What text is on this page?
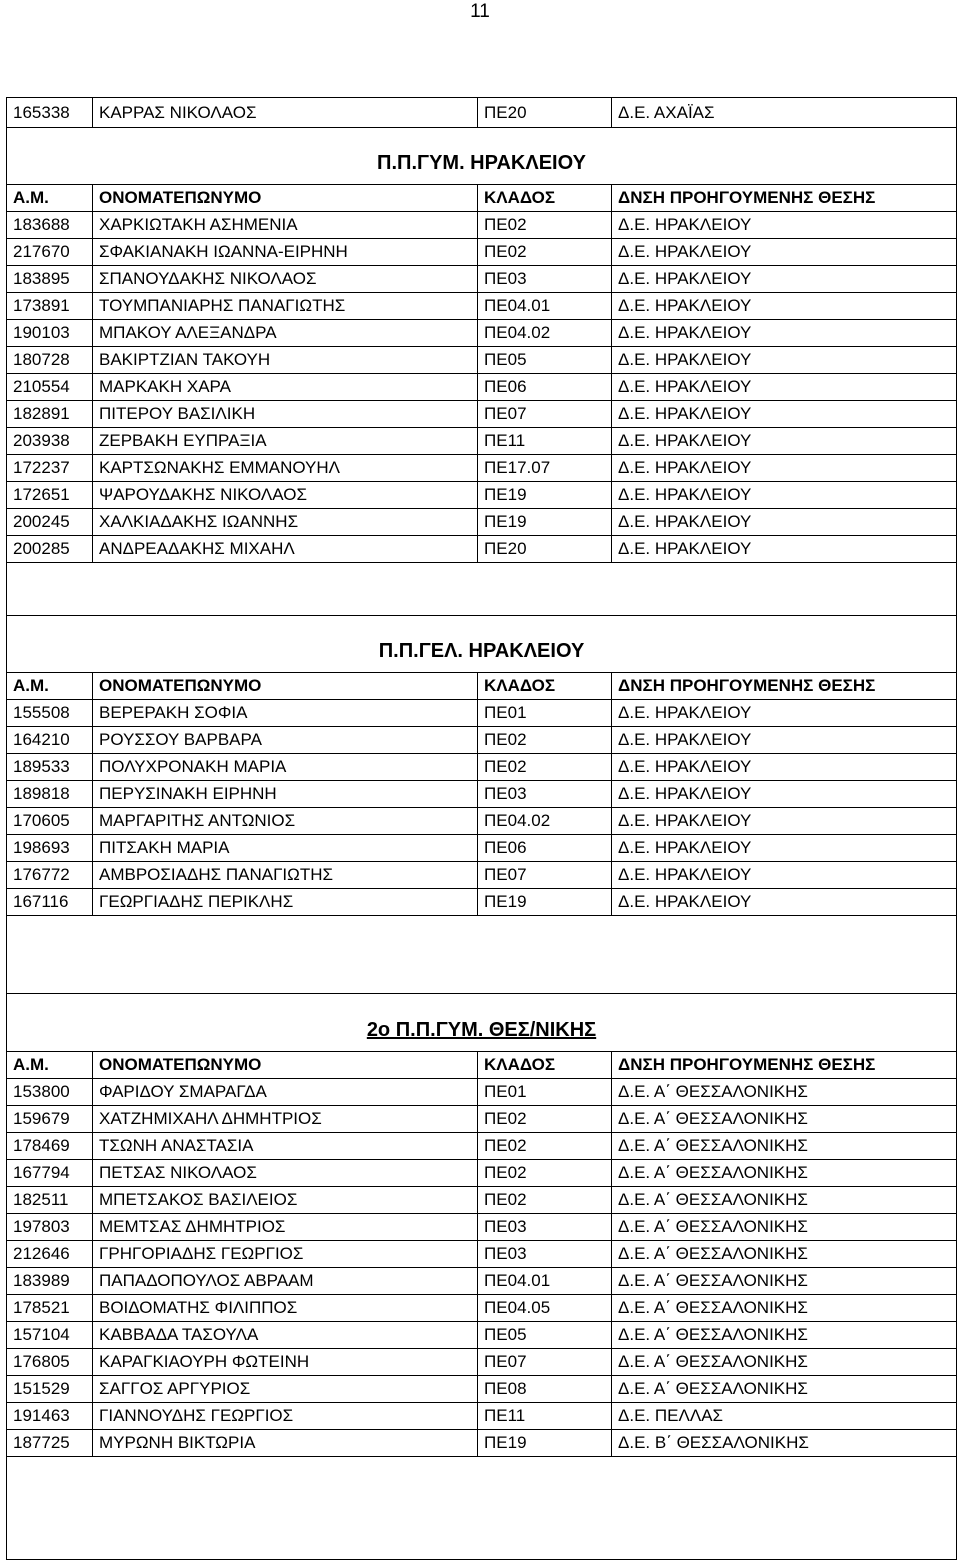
11
165338	ΚΑΡΡΑΣ ΝΙΚΟΛΑΟΣ	ΠΕ20	Δ.Ε. ΑΧΑΪΑΣ
Π.Π.ΓΥΜ. ΗΡΑΚΛΕΙΟΥ			
Α.Μ.	ΟΝΟΜΑΤΕΠΩΝΥΜΟ	ΚΛΑΔΟΣ	ΔΝΣΗ ΠΡΟΗΓΟΥΜΕΝΗΣ ΘΕΣΗΣ
183688	ΧΑΡΚΙΩΤΑΚΗ ΑΣΗΜΕΝΙΑ	ΠΕ02	Δ.Ε. ΗΡΑΚΛΕΙΟΥ
217670	ΣΦΑΚΙΑΝΑΚΗ ΙΩΑΝΝΑ-ΕΙΡΗΝΗ	ΠΕ02	Δ.Ε. ΗΡΑΚΛΕΙΟΥ
183895	ΣΠΑΝΟΥΔΑΚΗΣ ΝΙΚΟΛΑΟΣ	ΠΕ03	Δ.Ε. ΗΡΑΚΛΕΙΟΥ
173891	ΤΟΥΜΠΑΝΙΑΡΗΣ ΠΑΝΑΓΙΩΤΗΣ	ΠΕ04.01	Δ.Ε. ΗΡΑΚΛΕΙΟΥ
190103	ΜΠΑΚΟΥ ΑΛΕΞΑΝΔΡΑ	ΠΕ04.02	Δ.Ε. ΗΡΑΚΛΕΙΟΥ
180728	ΒΑΚΙΡΤΖΙΑΝ ΤΑΚΟΥΗ	ΠΕ05	Δ.Ε. ΗΡΑΚΛΕΙΟΥ
210554	ΜΑΡΚΑΚΗ ΧΑΡΑ	ΠΕ06	Δ.Ε. ΗΡΑΚΛΕΙΟΥ
182891	ΠΙΤΕΡΟΥ ΒΑΣΙΛΙΚΗ	ΠΕ07	Δ.Ε. ΗΡΑΚΛΕΙΟΥ
203938	ΖΕΡΒΑΚΗ ΕΥΠΡΑΞΙΑ	ΠΕ11	Δ.Ε. ΗΡΑΚΛΕΙΟΥ
172237	ΚΑΡΤΣΩΝΑΚΗΣ ΕΜΜΑΝΟΥΗΛ	ΠΕ17.07	Δ.Ε. ΗΡΑΚΛΕΙΟΥ
172651	ΨΑΡΟΥΔΑΚΗΣ ΝΙΚΟΛΑΟΣ	ΠΕ19	Δ.Ε. ΗΡΑΚΛΕΙΟΥ
200245	ΧΑΛΚΙΑΔΑΚΗΣ ΙΩΑΝΝΗΣ	ΠΕ19	Δ.Ε. ΗΡΑΚΛΕΙΟΥ
200285	ΑΝΔΡΕΑΔΑΚΗΣ ΜΙΧΑΗΛ	ΠΕ20	Δ.Ε. ΗΡΑΚΛΕΙΟΥ

Π.Π.ΓΕΛ. ΗΡΑΚΛΕΙΟΥ			
Α.Μ.	ΟΝΟΜΑΤΕΠΩΝΥΜΟ	ΚΛΑΔΟΣ	ΔΝΣΗ ΠΡΟΗΓΟΥΜΕΝΗΣ ΘΕΣΗΣ
155508	ΒΕΡΕΡΑΚΗ ΣΟΦΙΑ	ΠΕ01	Δ.Ε. ΗΡΑΚΛΕΙΟΥ
164210	ΡΟΥΣΣΟΥ ΒΑΡΒΑΡΑ	ΠΕ02	Δ.Ε. ΗΡΑΚΛΕΙΟΥ
189533	ΠΟΛΥΧΡΟΝΑΚΗ ΜΑΡΙΑ	ΠΕ02	Δ.Ε. ΗΡΑΚΛΕΙΟΥ
189818	ΠΕΡΥΣΙΝΑΚΗ ΕΙΡΗΝΗ	ΠΕ03	Δ.Ε. ΗΡΑΚΛΕΙΟΥ
170605	ΜΑΡΓΑΡΙΤΗΣ ΑΝΤΩΝΙΟΣ	ΠΕ04.02	Δ.Ε. ΗΡΑΚΛΕΙΟΥ
198693	ΠΙΤΣΑΚΗ ΜΑΡΙΑ	ΠΕ06	Δ.Ε. ΗΡΑΚΛΕΙΟΥ
176772	ΑΜΒΡΟΣΙΑΔΗΣ ΠΑΝΑΓΙΩΤΗΣ	ΠΕ07	Δ.Ε. ΗΡΑΚΛΕΙΟΥ
167116	ΓΕΩΡΓΙΑΔΗΣ ΠΕΡΙΚΛΗΣ	ΠΕ19	Δ.Ε. ΗΡΑΚΛΕΙΟΥ

2ο Π.Π.ΓΥΜ. ΘΕΣ/ΝΙΚΗΣ			
Α.Μ.	ΟΝΟΜΑΤΕΠΩΝΥΜΟ	ΚΛΑΔΟΣ	ΔΝΣΗ ΠΡΟΗΓΟΥΜΕΝΗΣ ΘΕΣΗΣ
153800	ΦΑΡΙΔΟΥ ΣΜΑΡΑΓΔΑ	ΠΕ01	Δ.Ε. Α΄ ΘΕΣΣΑΛΟΝΙΚΗΣ
159679	ΧΑΤΖΗΜΙΧΑΗΛ ΔΗΜΗΤΡΙΟΣ	ΠΕ02	Δ.Ε. Α΄ ΘΕΣΣΑΛΟΝΙΚΗΣ
178469	ΤΣΩΝΗ ΑΝΑΣΤΑΣΙΑ	ΠΕ02	Δ.Ε. Α΄ ΘΕΣΣΑΛΟΝΙΚΗΣ
167794	ΠΕΤΣΑΣ ΝΙΚΟΛΑΟΣ	ΠΕ02	Δ.Ε. Α΄ ΘΕΣΣΑΛΟΝΙΚΗΣ
182511	ΜΠΕΤΣΑΚΟΣ ΒΑΣΙΛΕΙΟΣ	ΠΕ02	Δ.Ε. Α΄ ΘΕΣΣΑΛΟΝΙΚΗΣ
197803	ΜΕΜΤΣΑΣ ΔΗΜΗΤΡΙΟΣ	ΠΕ03	Δ.Ε. Α΄ ΘΕΣΣΑΛΟΝΙΚΗΣ
212646	ΓΡΗΓΟΡΙΑΔΗΣ ΓΕΩΡΓΙΟΣ	ΠΕ03	Δ.Ε. Α΄ ΘΕΣΣΑΛΟΝΙΚΗΣ
183989	ΠΑΠΑΔΟΠΟΥΛΟΣ ΑΒΡΑΑΜ	ΠΕ04.01	Δ.Ε. Α΄ ΘΕΣΣΑΛΟΝΙΚΗΣ
178521	ΒΟΙΔΟΜΑΤΗΣ ΦΙΛΙΠΠΟΣ	ΠΕ04.05	Δ.Ε. Α΄ ΘΕΣΣΑΛΟΝΙΚΗΣ
157104	ΚΑΒΒΑΔΑ ΤΑΣΟΥΛΑ	ΠΕ05	Δ.Ε. Α΄ ΘΕΣΣΑΛΟΝΙΚΗΣ
176805	ΚΑΡΑΓΚΙΑΟΥΡΗ ΦΩΤΕΙΝΗ	ΠΕ07	Δ.Ε. Α΄ ΘΕΣΣΑΛΟΝΙΚΗΣ
151529	ΣΑΓΓΟΣ ΑΡΓΥΡΙΟΣ	ΠΕ08	Δ.Ε. Α΄ ΘΕΣΣΑΛΟΝΙΚΗΣ
191463	ΓΙΑΝΝΟΥΔΗΣ ΓΕΩΡΓΙΟΣ	ΠΕ11	Δ.Ε. ΠΕΛΛΑΣ
187725	ΜΥΡΩΝΗ ΒΙΚΤΩΡΙΑ	ΠΕ19	Δ.Ε. Β΄ ΘΕΣΣΑΛΟΝΙΚΗΣ
